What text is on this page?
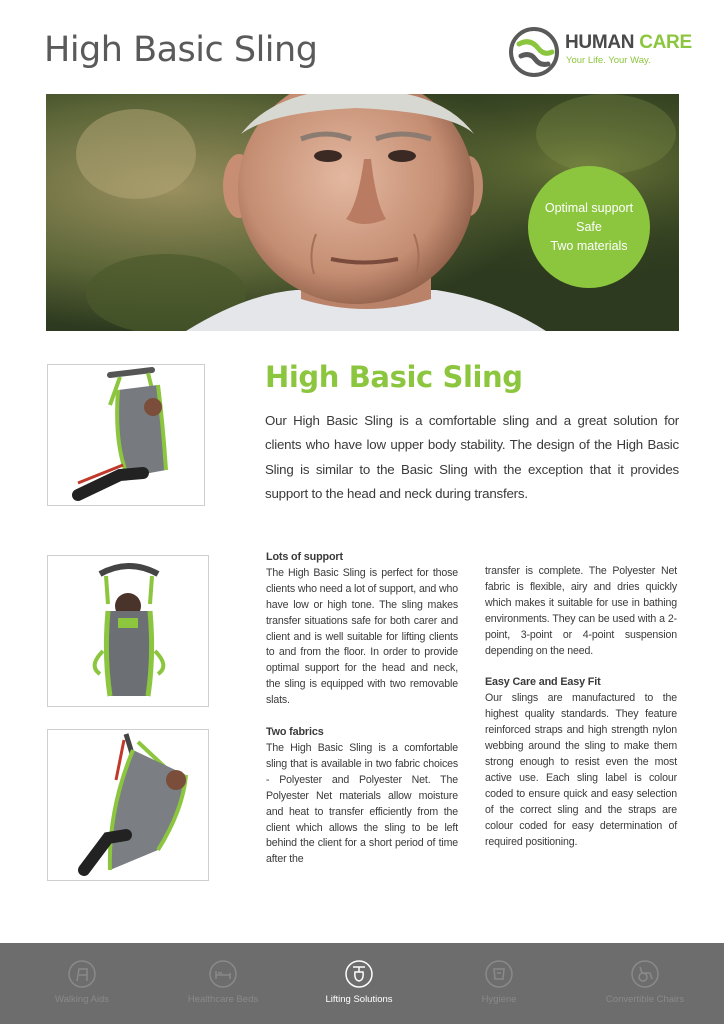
High Basic Sling	HUMAN CARE
Your Life. Your Way.
Optimal support
Safe
Two materials
High Basic Sling

Our High Basic Sling is a comfortable sling and a great solution for clients who have low upper body stability. The design of the High Basic Sling is similar to the Basic Sling with the exception that it provides support to the head and neck during transfers.

Lots of support

The High Basic Sling is perfect for those clients who need a lot of support, and who have low or high tone. The sling makes transfer situations safe for both carer and client and is well suitable for lifting clients to and from the floor. In order to provide optimal support for the head and neck, the sling is equipped with two removable slats.

Two fabrics

The High Basic Sling is a comfortable sling that is available in two fabric choices - Polyester and Polyester Net. The Polyester Net materials allow moisture and heat to transfer efficiently from the client which allows the sling to be left behind the client for a short period of time after the

transfer is complete. The Polyester Net fabric is flexible, airy and dries quickly which makes it suitable for use in bathing environments. They can be used with a 2-point, 3-point or 4-point suspension depending on the need.

Easy Care and Easy Fit

Our slings are manufactured to the highest quality standards. They feature reinforced straps and high strength nylon webbing around the sling to make them strong enough to resist even the most active use. Each sling label is colour coded to ensure quick and easy selection of the correct sling and the straps are colour coded for easy determination of required positioning.

Walking Aids	Healthcare Beds	Lifting Solutions	Hygiene	Convertible Chairs
